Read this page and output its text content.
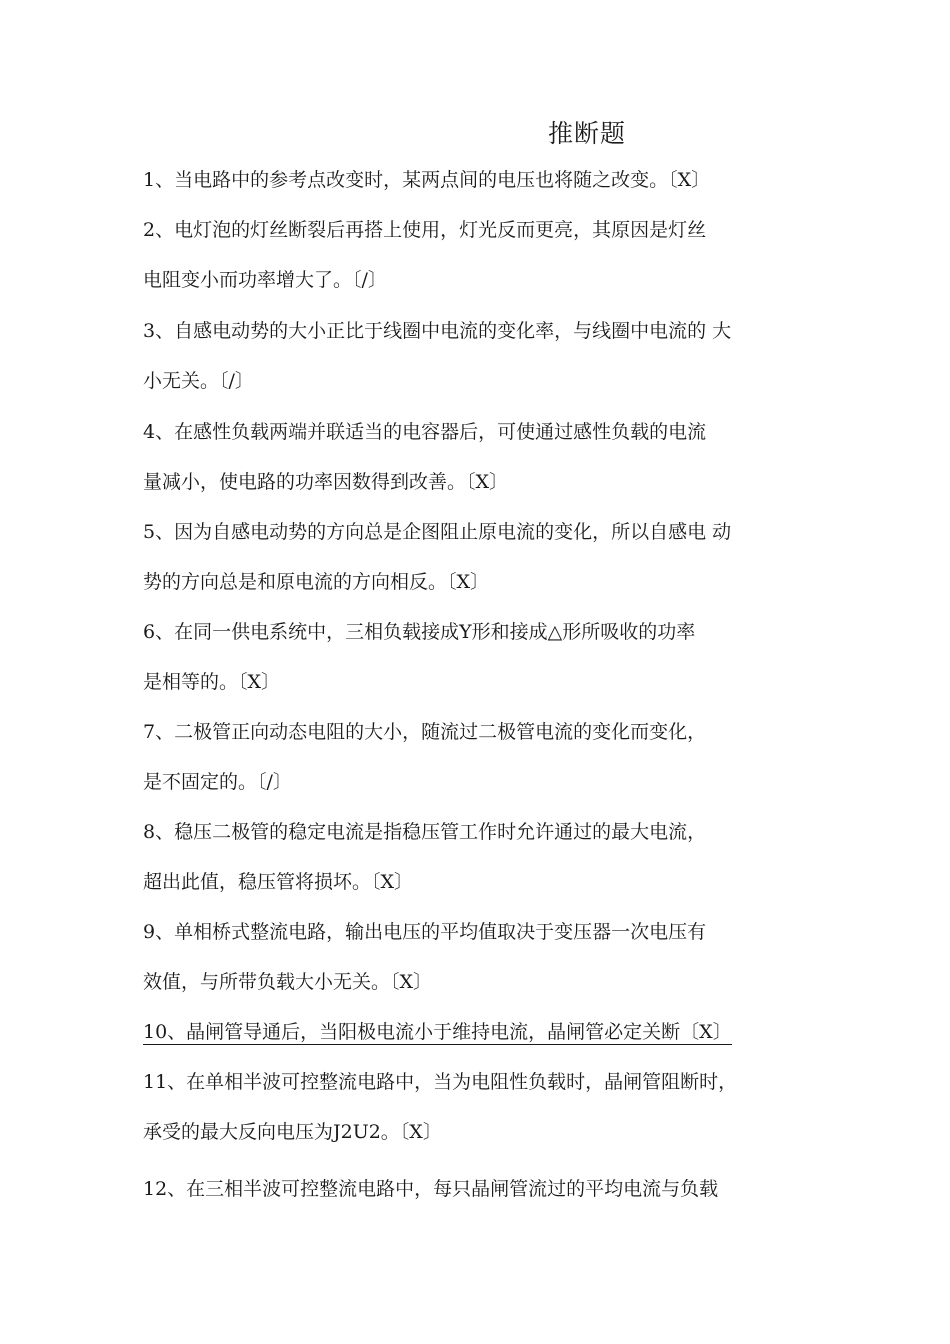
推断题
1、当电路中的参考点改变时，某两点间的电压也将随之改变。〔X〕
2、电灯泡的灯丝断裂后再搭上使用，灯光反而更亮，其原因是灯丝
电阻变小而功率增大了。〔/〕
3、自感电动势的大小正比于线圈中电流的变化率，与线圈中电流的 大
小无关。〔/〕
4、在感性负载两端并联适当的电容器后，可使通过感性负载的电流
量减小，使电路的功率因数得到改善。〔X〕
5、因为自感电动势的方向总是企图阻止原电流的变化，所以自感电 动
势的方向总是和原电流的方向相反。〔X〕
6、在同一供电系统中，三相负载接成Y形和接成△形所吸收的功率
是相等的。〔X〕
7、二极管正向动态电阻的大小，随流过二极管电流的变化而变化，
是不固定的。〔/〕
8、稳压二极管的稳定电流是指稳压管工作时允许通过的最大电流，
超出此值，稳压管将损坏。〔X〕
9、单相桥式整流电路，输出电压的平均值取决于变压器一次电压有
效值，与所带负载大小无关。〔X〕
10、晶闸管导通后，当阳极电流小于维持电流，晶闸管必定关断〔X〕
11、在单相半波可控整流电路中，当为电阻性负载时，晶闸管阻断时，
承受的最大反向电压为J2U2。〔X〕
12、在三相半波可控整流电路中，每只晶闸管流过的平均电流与负载
